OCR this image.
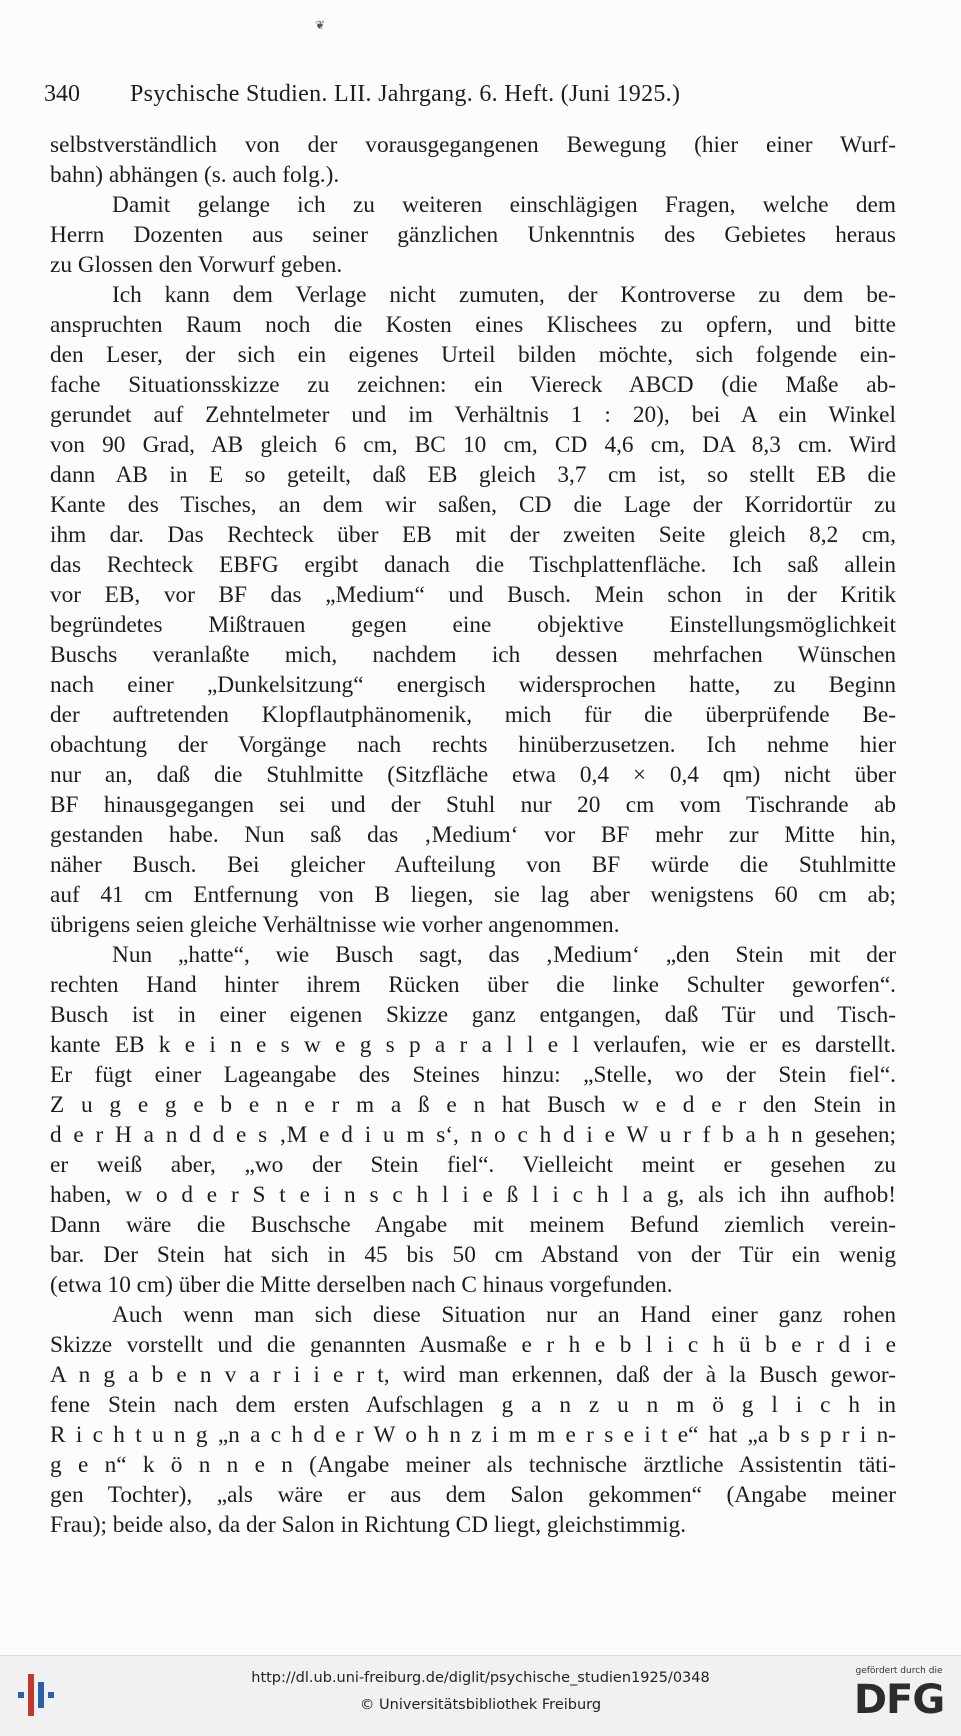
❦
340 Psychische Studien. LII. Jahrgang. 6. Heft. (Juni 1925.)

selbstverständlich von der vorausgegangenen Bewegung (hier einer Wurf-
bahn) abhängen (s. auch folg.).

Damit gelange ich zu weiteren einschlägigen Fragen, welche dem
Herrn Dozenten aus seiner gänzlichen Unkenntnis des Gebietes heraus
zu Glossen den Vorwurf geben.

Ich kann dem Verlage nicht zumuten, der Kontroverse zu dem be-
anspruchten Raum noch die Kosten eines Klischees zu opfern, und bitte
den Leser, der sich ein eigenes Urteil bilden möchte, sich folgende ein-
fache Situationsskizze zu zeichnen: ein Viereck ABCD (die Maße ab-
gerundet auf Zehntelmeter und im Verhältnis 1 : 20), bei A ein Winkel
von 90 Grad, AB gleich 6 cm, BC 10 cm, CD 4,6 cm, DA 8,3 cm. Wird
dann AB in E so geteilt, daß EB gleich 3,7 cm ist, so stellt EB die
Kante des Tisches, an dem wir saßen, CD die Lage der Korridortür zu
ihm dar. Das Rechteck über EB mit der zweiten Seite gleich 8,2 cm,
das Rechteck EBFG ergibt danach die Tischplattenfläche. Ich saß allein
vor EB, vor BF das „Medium“ und Busch. Mein schon in der Kritik
begründetes Mißtrauen gegen eine objektive Einstellungsmöglichkeit
Buschs veranlaßte mich, nachdem ich dessen mehrfachen Wünschen
nach einer „Dunkelsitzung“ energisch widersprochen hatte, zu Beginn
der auftretenden Klopflautphänomenik, mich für die überprüfende Be-
obachtung der Vorgänge nach rechts hinüberzusetzen. Ich nehme hier
nur an, daß die Stuhlmitte (Sitzfläche etwa 0,4 × 0,4 qm) nicht über
BF hinausgegangen sei und der Stuhl nur 20 cm vom Tischrande ab
gestanden habe. Nun saß das ‚Medium‘ vor BF mehr zur Mitte hin,
näher Busch. Bei gleicher Aufteilung von BF würde die Stuhlmitte
auf 41 cm Entfernung von B liegen, sie lag aber wenigstens 60 cm ab;
übrigens seien gleiche Verhältnisse wie vorher angenommen.

Nun „hatte“, wie Busch sagt, das ‚Medium‘ „den Stein mit der
rechten Hand hinter ihrem Rücken über die linke Schulter geworfen“.
Busch ist in einer eigenen Skizze ganz entgangen, daß Tür und Tisch-
kante EB k e i n e s w e g s p a r a l l e l verlaufen, wie er es darstellt.
Er fügt einer Lageangabe des Steines hinzu: „Stelle, wo der Stein fiel“.
Z u g e g e b e n e r m a ß e n hat Busch w e d e r den Stein in
d e r H a n d d e s ‚M e d i u m s‘, n o c h d i e W u r f b a h n gesehen;
er weiß aber, „wo der Stein fiel“. Vielleicht meint er gesehen zu
haben, w o d e r S t e i n s c h l i e ß l i c h l a g, als ich ihn aufhob!
Dann wäre die Buschsche Angabe mit meinem Befund ziemlich verein-
bar. Der Stein hat sich in 45 bis 50 cm Abstand von der Tür ein wenig
(etwa 10 cm) über die Mitte derselben nach C hinaus vorgefunden.

Auch wenn man sich diese Situation nur an Hand einer ganz rohen
Skizze vorstellt und die genannten Ausmaße e r h e b l i c h ü b e r d i e
A n g a b e n v a r i i e r t, wird man erkennen, daß der à la Busch gewor-
fene Stein nach dem ersten Aufschlagen g a n z u n m ö g l i c h in
R i c h t u n g „n a c h d e r W o h n z i m m e r s e i t e“ hat „a b s p r i n-
g e n“ k ö n n e n (Angabe meiner als technische ärztliche Assistentin täti-
gen Tochter), „als wäre er aus dem Salon gekommen“ (Angabe meiner
Frau); beide also, da der Salon in Richtung CD liegt, gleichstimmig.

http://dl.ub.uni-freiburg.de/diglit/psychische_studien1925/0348
© Universitätsbibliothek Freiburg
gefördert durch die
DFG
